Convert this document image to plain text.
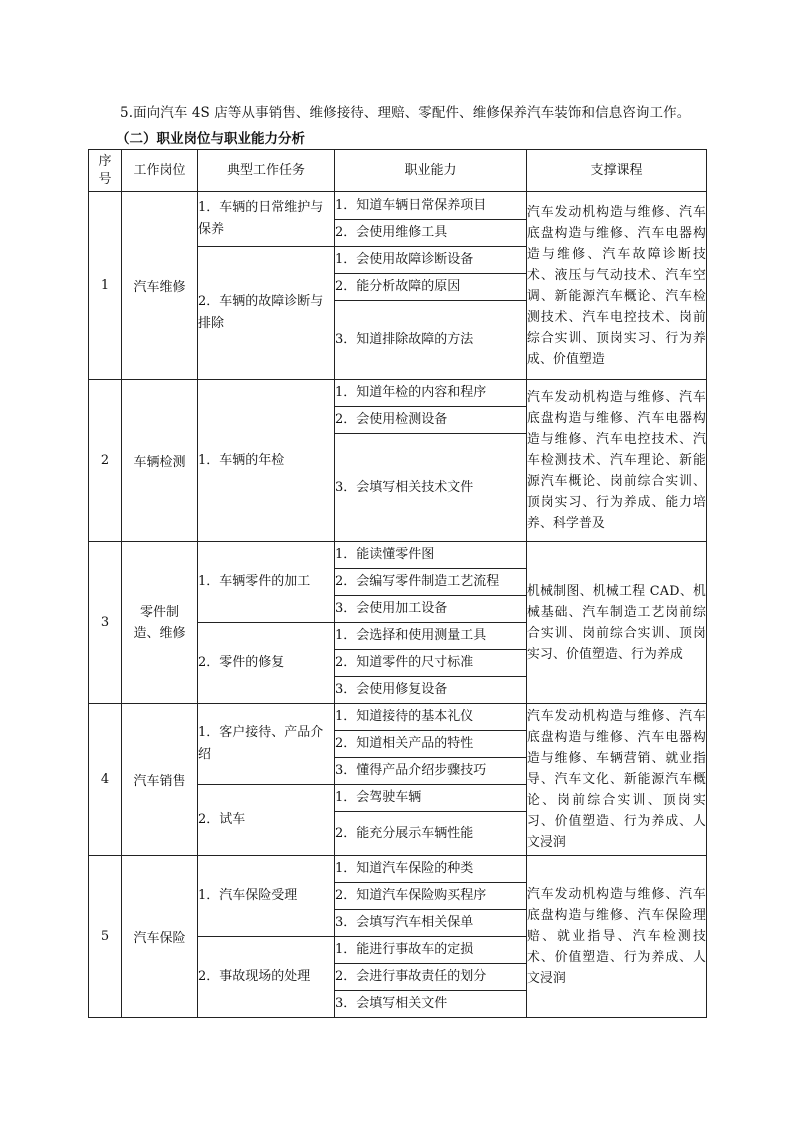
5.面向汽车 4S 店等从事销售、维修接待、理赔、零配件、维修保养汽车装饰和信息咨询工作。
（二）职业岗位与职业能力分析
序号	工作岗位	典型工作任务	职业能力	支撑课程
1	汽车维修	1．车辆的日常维护与保养	1．知道车辆日常保养项目	汽车发动机构造与维修、汽车底盘构造与维修、汽车电器构造与维修、汽车故障诊断技术、液压与气动技术、汽车空调、新能源汽车概论、汽车检测技术、汽车电控技术、岗前综合实训、顶岗实习、行为养成、价值塑造
			2．会使用维修工具	
		2．车辆的故障诊断与排除	1．会使用故障诊断设备	
			2．能分析故障的原因	
			3．知道排除故障的方法	
2	车辆检测	1．车辆的年检	1．知道年检的内容和程序	汽车发动机构造与维修、汽车底盘构造与维修、汽车电器构造与维修、汽车电控技术、汽车检测技术、汽车理论、新能源汽车概论、岗前综合实训、顶岗实习、行为养成、能力培养、科学普及
			2．会使用检测设备	
			3．会填写相关技术文件	
3	零件制造、维修	1．车辆零件的加工	1．能读懂零件图	机械制图、机械工程 CAD、机械基础、汽车制造工艺岗前综合实训、岗前综合实训、顶岗实习、价值塑造、行为养成
			2．会编写零件制造工艺流程	
			3．会使用加工设备	
		2．零件的修复	1．会选择和使用测量工具	
			2．知道零件的尺寸标准	
			3．会使用修复设备	
4	汽车销售	1．客户接待、产品介绍	1．知道接待的基本礼仪	汽车发动机构造与维修、汽车底盘构造与维修、汽车电器构造与维修、车辆营销、就业指导、汽车文化、新能源汽车概论、岗前综合实训、顶岗实习、价值塑造、行为养成、人文浸润
			2．知道相关产品的特性	
			3．懂得产品介绍步骤技巧	
		2．试车	1．会驾驶车辆	
			2．能充分展示车辆性能	
5	汽车保险	1．汽车保险受理	1．知道汽车保险的种类	汽车发动机构造与维修、汽车底盘构造与维修、汽车保险理赔、就业指导、汽车检测技术、价值塑造、行为养成、人文浸润
			2．知道汽车保险购买程序	
			3．会填写汽车相关保单	
		2．事故现场的处理	1．能进行事故车的定损	
			2．会进行事故责任的划分	
			3．会填写相关文件	
